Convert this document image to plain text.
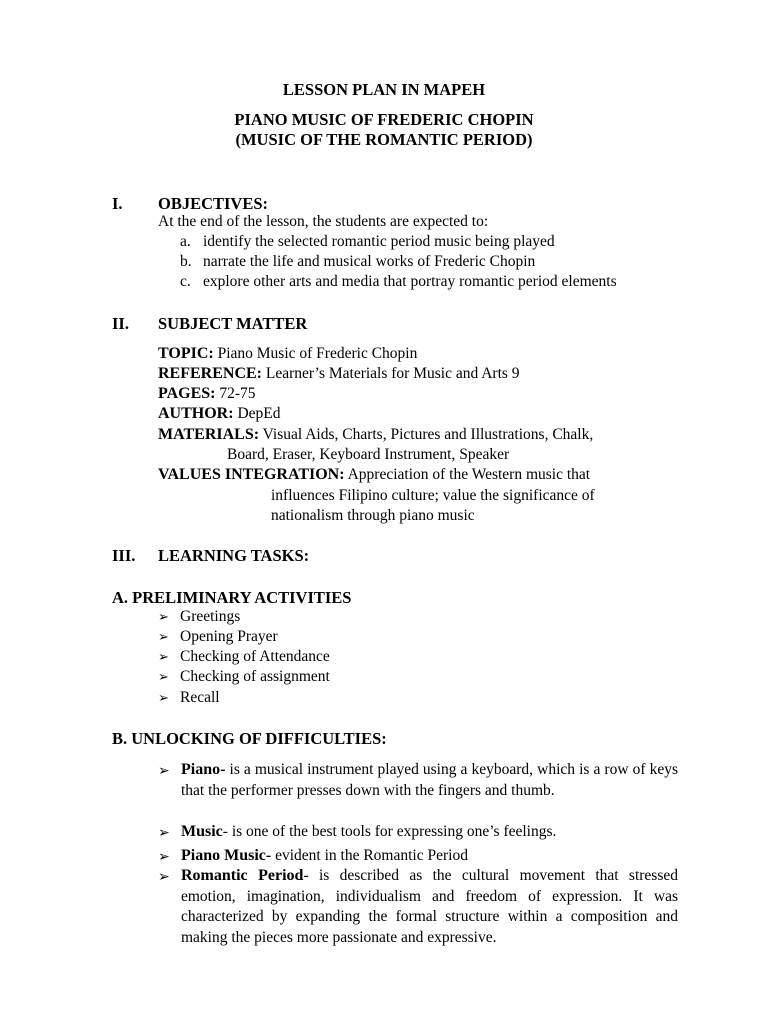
LESSON PLAN IN MAPEH
PIANO MUSIC OF FREDERIC CHOPIN
(MUSIC OF THE ROMANTIC PERIOD)
I. OBJECTIVES:
At the end of the lesson, the students are expected to:
a. identify the selected romantic period music being played
b. narrate the life and musical works of Frederic Chopin
c. explore other arts and media that portray romantic period elements
II. SUBJECT MATTER
TOPIC: Piano Music of Frederic Chopin
REFERENCE: Learner’s Materials for Music and Arts 9
PAGES: 72-75
AUTHOR: DepEd
MATERIALS: Visual Aids, Charts, Pictures and Illustrations, Chalk,
Board, Eraser, Keyboard Instrument, Speaker
VALUES INTEGRATION: Appreciation of the Western music that
influences Filipino culture; value the significance of
nationalism through piano music
III. LEARNING TASKS:
A. PRELIMINARY ACTIVITIES
➢ Greetings
➢ Opening Prayer
➢ Checking of Attendance
➢ Checking of assignment
➢ Recall
B. UNLOCKING OF DIFFICULTIES:
➢ Piano- is a musical instrument played using a keyboard, which is a row of keys that the performer presses down with the fingers and thumb.
➢ Music- is one of the best tools for expressing one’s feelings.
➢ Piano Music- evident in the Romantic Period
➢ Romantic Period- is described as the cultural movement that stressed emotion, imagination, individualism and freedom of expression. It was characterized by expanding the formal structure within a composition and making the pieces more passionate and expressive.
